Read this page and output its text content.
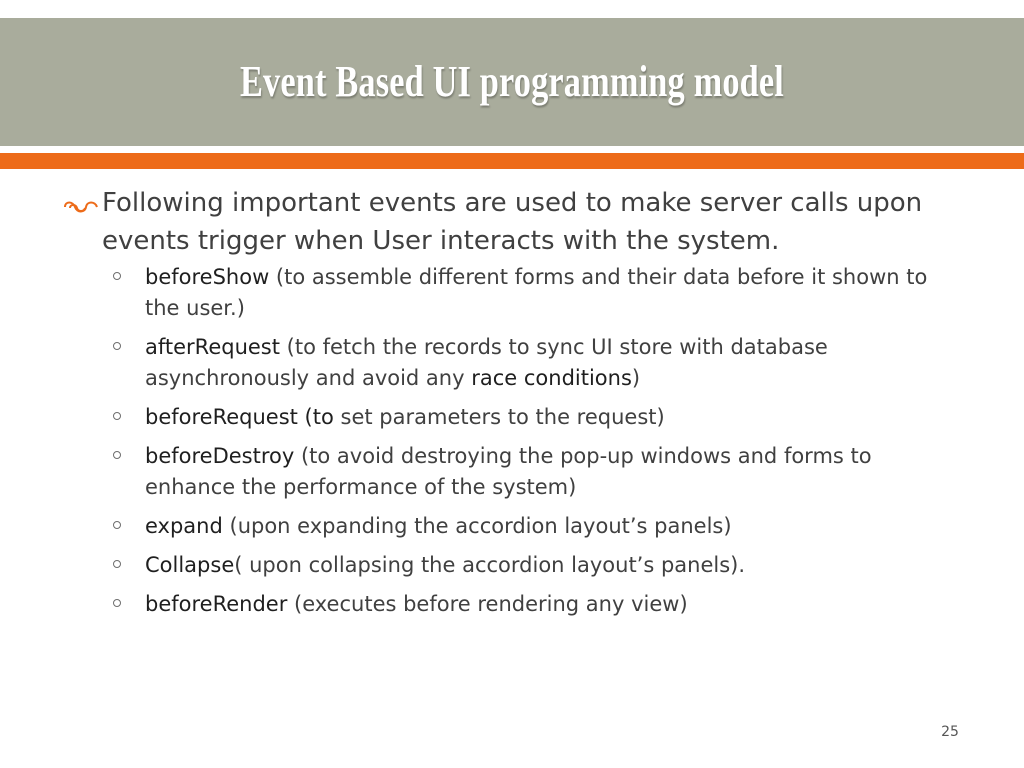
Event Based UI programming model

Following important events are used to make server calls upon events trigger when User interacts with the system.

beforeShow (to assemble different forms and their data before it shown to the user.)
afterRequest (to fetch the records to sync UI store with database asynchronously and avoid any race conditions)
beforeRequest (to set parameters to the request)
beforeDestroy (to avoid destroying the pop-up windows and forms to enhance the performance of the system)
expand (upon expanding the accordion layout’s panels)
Collapse( upon collapsing the accordion layout’s panels).
beforeRender (executes before rendering any view)
25
